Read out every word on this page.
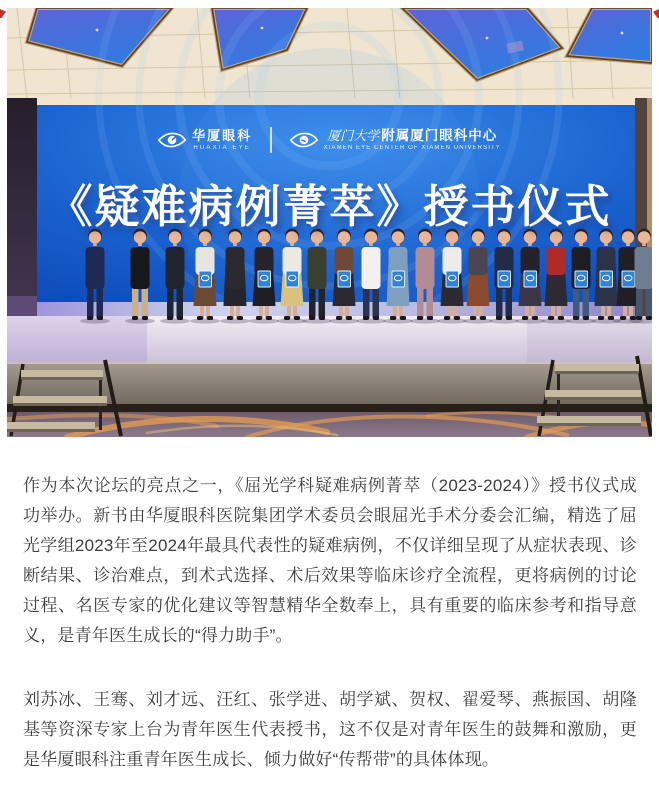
华厦眼科
HUAXIA EYE
厦门大学 附属厦门眼科中心
XIAMEN EYE CENTER OF XIAMEN UNIVERSITY
《疑难病例菁萃》授书仪式

作为本次论坛的亮点之一，《屈光学科疑难病例菁萃（2023-2024）》授书仪式成功举办。新书由华厦眼科医院集团学术委员会眼屈光手术分委会汇编，精选了屈光学组2023年至2024年最具代表性的疑难病例，不仅详细呈现了从症状表现、诊断结果、诊治难点，到术式选择、术后效果等临床诊疗全流程，更将病例的讨论过程、名医专家的优化建议等智慧精华全数奉上，具有重要的临床参考和指导意义，是青年医生成长的“得力助手”。

刘苏冰、王骞、刘才远、汪红、张学进、胡学斌、贺权、翟爱琴、燕振国、胡隆基等资深专家上台为青年医生代表授书，这不仅是对青年医生的鼓舞和激励，更是华厦眼科注重青年医生成长、倾力做好“传帮带”的具体体现。
